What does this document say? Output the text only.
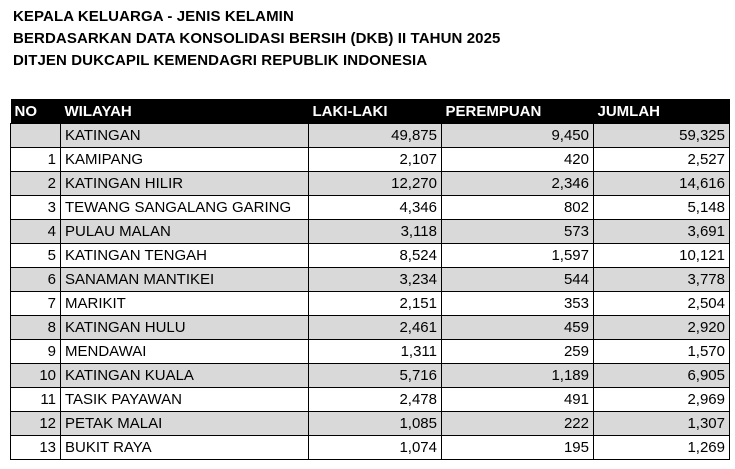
KEPALA KELUARGA - JENIS KELAMIN
BERDASARKAN DATA KONSOLIDASI BERSIH (DKB) II TAHUN 2025
DITJEN DUKCAPIL KEMENDAGRI REPUBLIK INDONESIA
NO	WILAYAH	LAKI-LAKI	PEREMPUAN	JUMLAH
	KATINGAN	49,875	9,450	59,325
1	KAMIPANG	2,107	420	2,527
2	KATINGAN HILIR	12,270	2,346	14,616
3	TEWANG SANGALANG GARING	4,346	802	5,148
4	PULAU MALAN	3,118	573	3,691
5	KATINGAN TENGAH	8,524	1,597	10,121
6	SANAMAN MANTIKEI	3,234	544	3,778
7	MARIKIT	2,151	353	2,504
8	KATINGAN HULU	2,461	459	2,920
9	MENDAWAI	1,311	259	1,570
10	KATINGAN KUALA	5,716	1,189	6,905
11	TASIK PAYAWAN	2,478	491	2,969
12	PETAK MALAI	1,085	222	1,307
13	BUKIT RAYA	1,074	195	1,269
